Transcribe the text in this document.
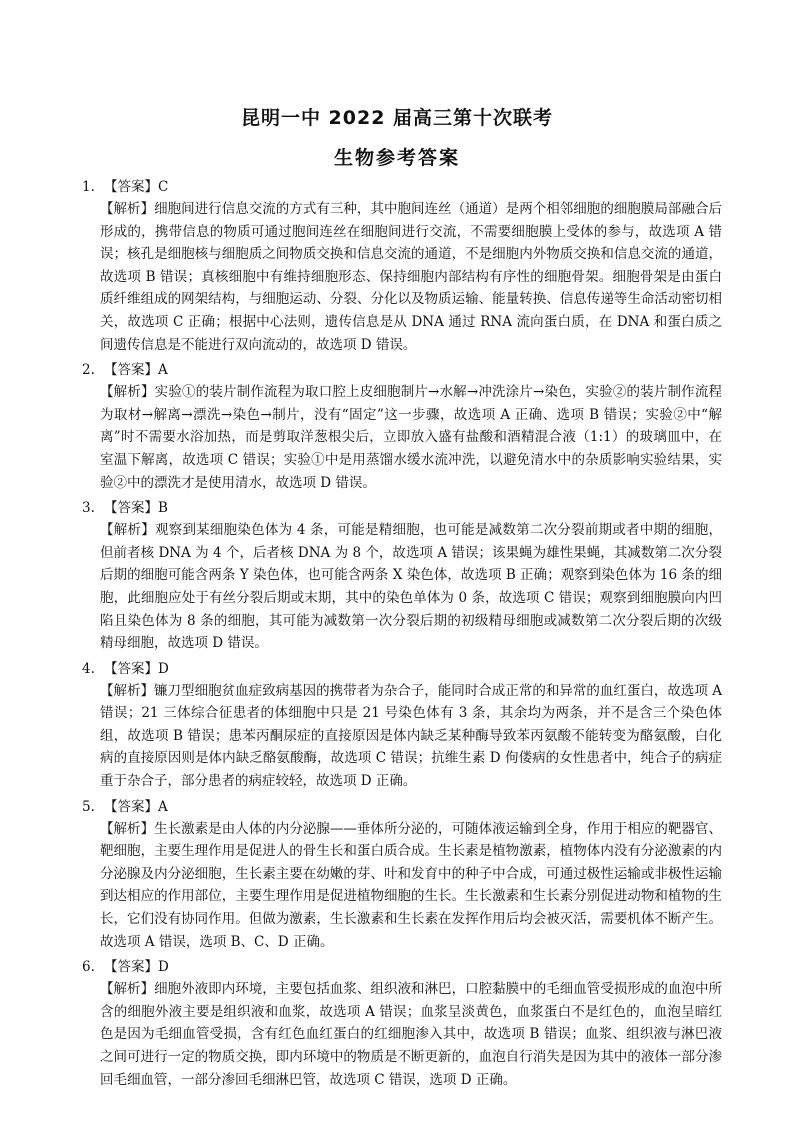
昆明一中 2022 届高三第十次联考
生物参考答案
1. 【答案】C
【解析】细胞间进行信息交流的方式有三种，其中胞间连丝（通道）是两个相邻细胞的细胞膜局部融合后形成的，携带信息的物质可通过胞间连丝在细胞间进行交流，不需要细胞膜上受体的参与，故选项 A 错误；核孔是细胞核与细胞质之间物质交换和信息交流的通道，不是细胞内外物质交换和信息交流的通道，故选项 B 错误；真核细胞中有维持细胞形态、保持细胞内部结构有序性的细胞骨架。细胞骨架是由蛋白质纤维组成的网架结构，与细胞运动、分裂、分化以及物质运输、能量转换、信息传递等生命活动密切相关，故选项 C 正确；根据中心法则，遗传信息是从 DNA 通过 RNA 流向蛋白质，在 DNA 和蛋白质之间遗传信息是不能进行双向流动的，故选项 D 错误。
2. 【答案】A
【解析】实验①的装片制作流程为取口腔上皮细胞制片→水解→冲洗涂片→染色，实验②的装片制作流程为取材→解离→漂洗→染色→制片，没有“固定”这一步骤，故选项 A 正确、选项 B 错误；实验②中“解离”时不需要水浴加热，而是剪取洋葱根尖后，立即放入盛有盐酸和酒精混合液（1:1）的玻璃皿中，在室温下解离，故选项 C 错误；实验①中是用蒸馏水缓水流冲洗，以避免清水中的杂质影响实验结果，实验②中的漂洗才是使用清水，故选项 D 错误。
3. 【答案】B
【解析】观察到某细胞染色体为 4 条，可能是精细胞，也可能是减数第二次分裂前期或者中期的细胞，但前者核 DNA 为 4 个，后者核 DNA 为 8 个，故选项 A 错误；该果蝇为雄性果蝇，其减数第二次分裂后期的细胞可能含两条 Y 染色体，也可能含两条 X 染色体，故选项 B 正确；观察到染色体为 16 条的细胞，此细胞应处于有丝分裂后期或末期，其中的染色单体为 0 条，故选项 C 错误；观察到细胞膜向内凹陷且染色体为 8 条的细胞，其可能为减数第一次分裂后期的初级精母细胞或减数第二次分裂后期的次级精母细胞，故选项 D 错误。
4. 【答案】D
【解析】镰刀型细胞贫血症致病基因的携带者为杂合子，能同时合成正常的和异常的血红蛋白，故选项 A 错误；21 三体综合征患者的体细胞中只是 21 号染色体有 3 条，其余均为两条，并不是含三个染色体组，故选项 B 错误；患苯丙酮尿症的直接原因是体内缺乏某种酶导致苯丙氨酸不能转变为酪氨酸，白化病的直接原因则是体内缺乏酪氨酸酶，故选项 C 错误；抗维生素 D 佝偻病的女性患者中，纯合子的病症重于杂合子，部分患者的病症较轻，故选项 D 正确。
5. 【答案】A
【解析】生长激素是由人体的内分泌腺——垂体所分泌的，可随体液运输到全身，作用于相应的靶器官、靶细胞，主要生理作用是促进人的骨生长和蛋白质合成。生长素是植物激素，植物体内没有分泌激素的内分泌腺及内分泌细胞，生长素主要在幼嫩的芽、叶和发育中的种子中合成，可通过极性运输或非极性运输到达相应的作用部位，主要生理作用是促进植物细胞的生长。生长激素和生长素分别促进动物和植物的生长，它们没有协同作用。但做为激素，生长激素和生长素在发挥作用后均会被灭活，需要机体不断产生。故选项 A 错误，选项 B、C、D 正确。
6. 【答案】D
【解析】细胞外液即内环境，主要包括血浆、组织液和淋巴，口腔黏膜中的毛细血管受损形成的血泡中所含的细胞外液主要是组织液和血浆，故选项 A 错误；血浆呈淡黄色，血浆蛋白不是红色的，血泡呈暗红色是因为毛细血管受损，含有红色血红蛋白的红细胞渗入其中，故选项 B 错误；血浆、组织液与淋巴液之间可进行一定的物质交换，即内环境中的物质是不断更新的，血泡自行消失是因为其中的液体一部分渗回毛细血管，一部分渗回毛细淋巴管，故选项 C 错误，选项 D 正确。
